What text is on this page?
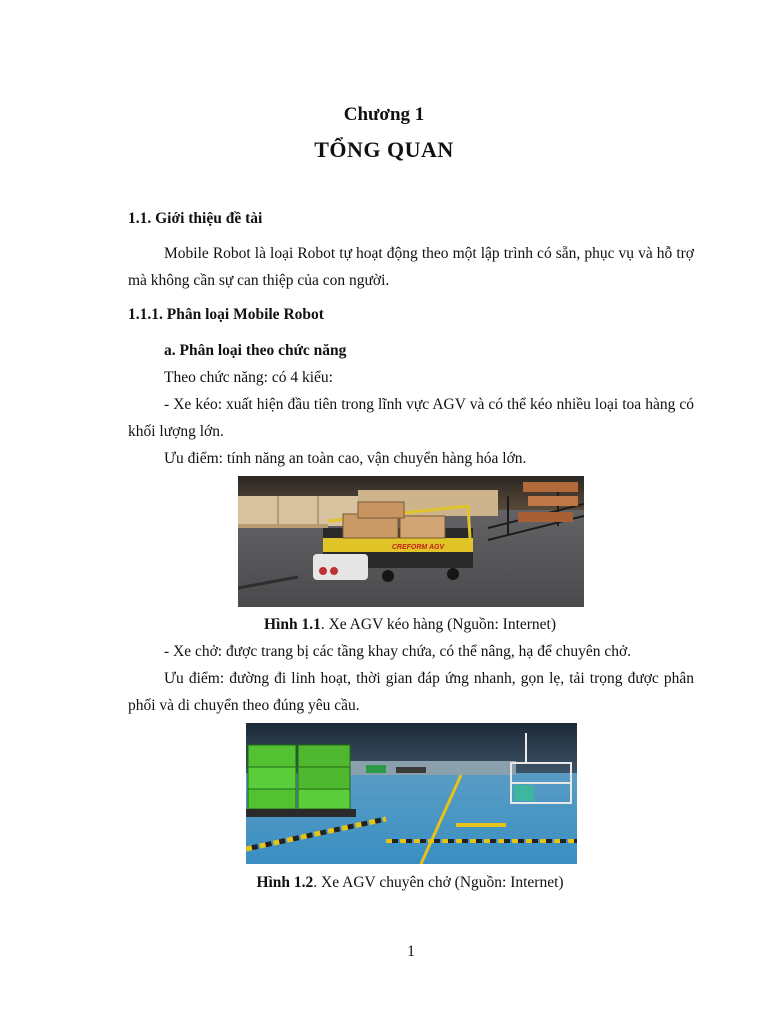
Chương 1
TỔNG QUAN
1.1. Giới thiệu đề tài
Mobile Robot là loại Robot tự hoạt động theo một lập trình có sẵn, phục vụ và hỗ trợ mà không cần sự can thiệp của con người.
1.1.1. Phân loại Mobile Robot
a. Phân loại theo chức năng
Theo chức năng: có 4 kiểu:
- Xe kéo: xuất hiện đầu tiên trong lĩnh vực AGV và có thể kéo nhiều loại toa hàng có khối lượng lớn.
Ưu điểm: tính năng an toàn cao, vận chuyển hàng hóa lớn.
CREFORM AGV
Hình 1.1. Xe AGV kéo hàng (Nguồn: Internet)
- Xe chở: được trang bị các tầng khay chứa, có thể nâng, hạ để chuyên chở.
Ưu điểm: đường đi linh hoạt, thời gian đáp ứng nhanh, gọn lẹ, tải trọng được phân phối và di chuyển theo đúng yêu cầu.
Hình 1.2. Xe AGV chuyên chở (Nguồn: Internet)
1
